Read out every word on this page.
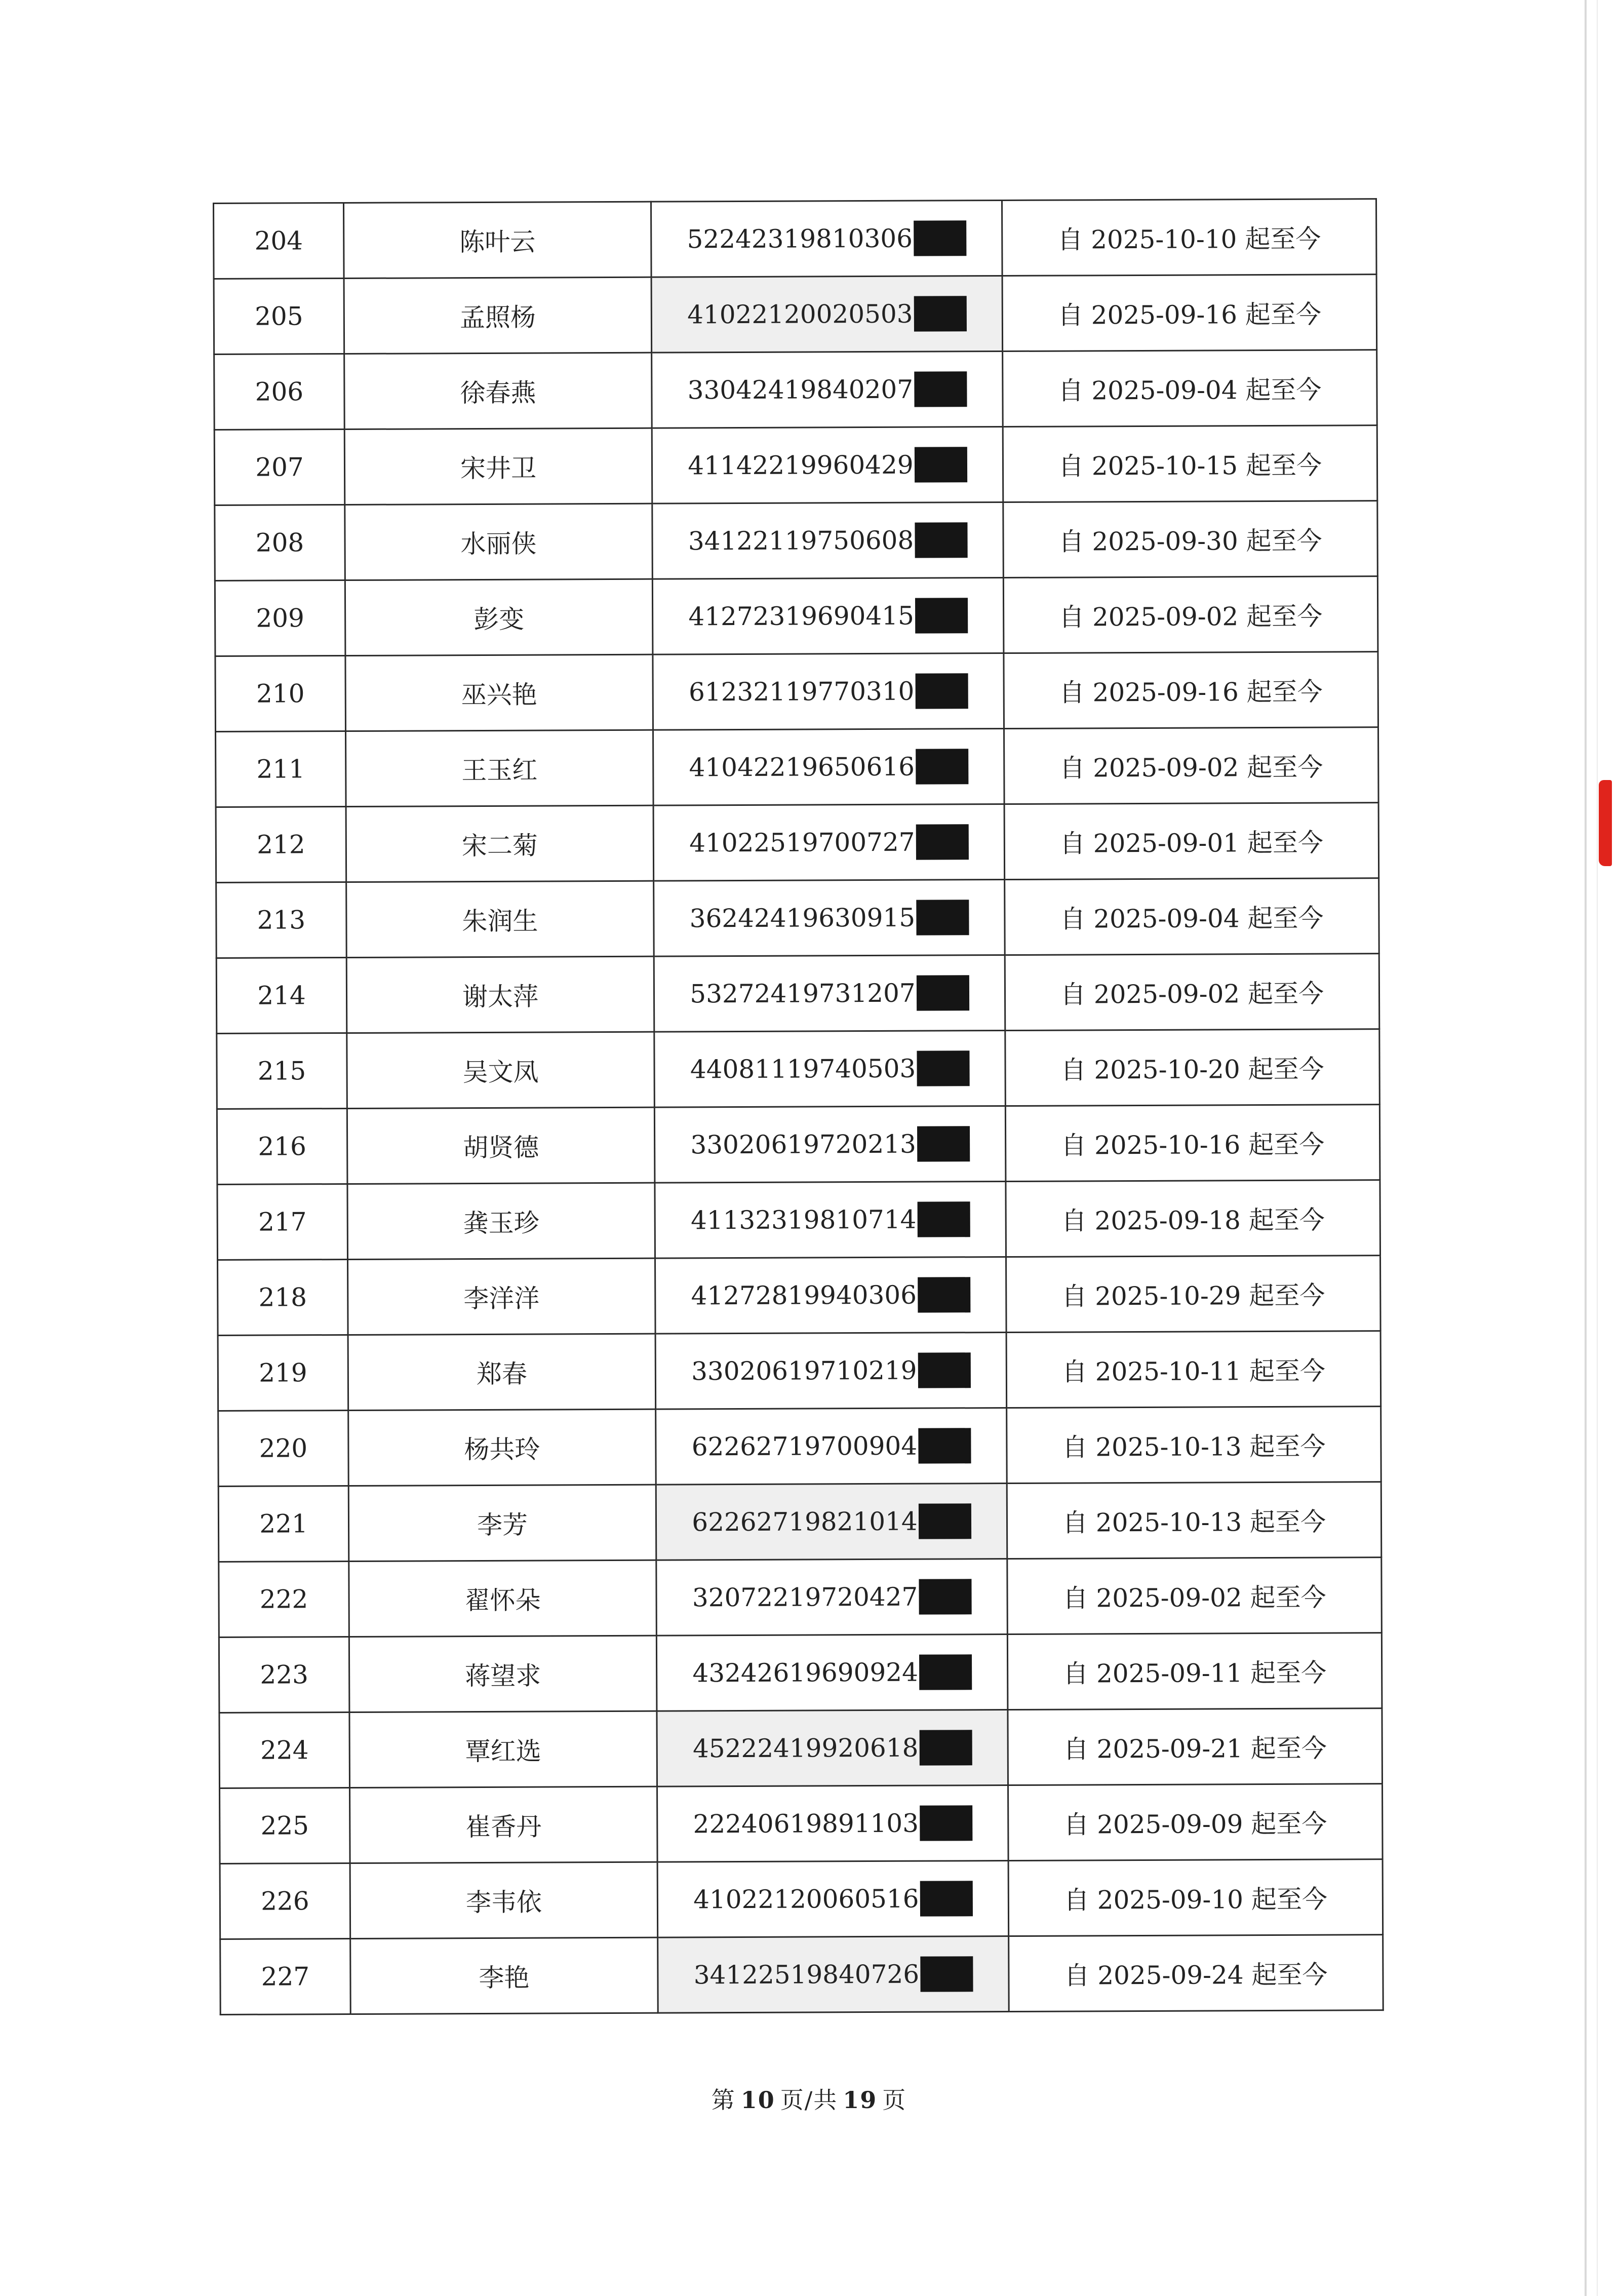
204	陈叶云	52242319810306	自 2025-10-10 起至今
205	孟照杨	41022120020503	自 2025-09-16 起至今
206	徐春燕	33042419840207	自 2025-09-04 起至今
207	宋井卫	41142219960429	自 2025-10-15 起至今
208	水丽侠	34122119750608	自 2025-09-30 起至今
209	彭变	41272319690415	自 2025-09-02 起至今
210	巫兴艳	61232119770310	自 2025-09-16 起至今
211	王玉红	41042219650616	自 2025-09-02 起至今
212	宋二菊	41022519700727	自 2025-09-01 起至今
213	朱润生	36242419630915	自 2025-09-04 起至今
214	谢太萍	53272419731207	自 2025-09-02 起至今
215	吴文凤	44081119740503	自 2025-10-20 起至今
216	胡贤德	33020619720213	自 2025-10-16 起至今
217	龚玉珍	41132319810714	自 2025-09-18 起至今
218	李洋洋	41272819940306	自 2025-10-29 起至今
219	郑春	33020619710219	自 2025-10-11 起至今
220	杨共玲	62262719700904	自 2025-10-13 起至今
221	李芳	62262719821014	自 2025-10-13 起至今
222	翟怀朵	32072219720427	自 2025-09-02 起至今
223	蒋望求	43242619690924	自 2025-09-11 起至今
224	覃红选	45222419920618	自 2025-09-21 起至今
225	崔香丹	22240619891103	自 2025-09-09 起至今
226	李韦依	41022120060516	自 2025-09-10 起至今
227	李艳	34122519840726	自 2025-09-24 起至今
第 10 页/共 19 页
